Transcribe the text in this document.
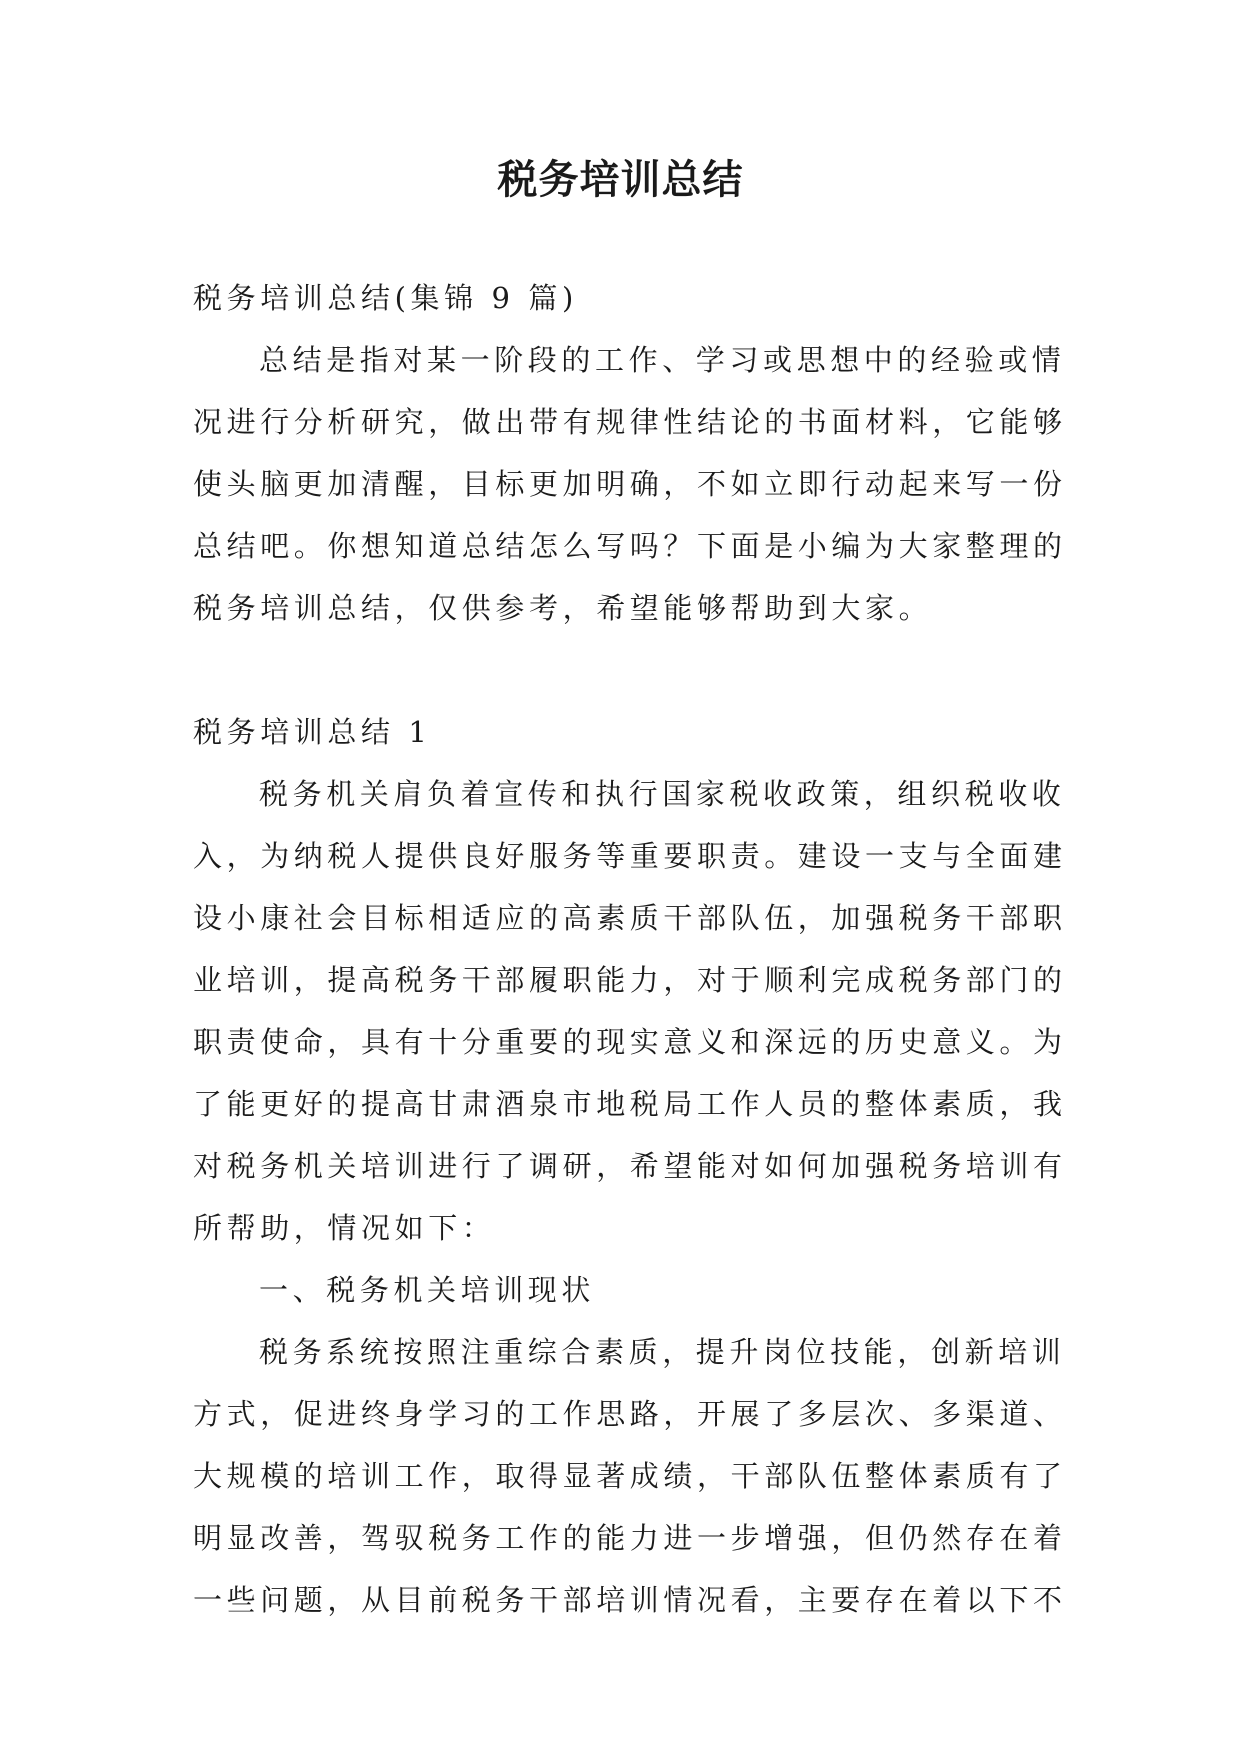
税务培训总结

税务培训总结(集锦 9 篇)

总结是指对某一阶段的工作、学习或思想中的经验或情

况进行分析研究，做出带有规律性结论的书面材料，它能够

使头脑更加清醒，目标更加明确，不如立即行动起来写一份

总结吧。你想知道总结怎么写吗？下面是小编为大家整理的

税务培训总结，仅供参考，希望能够帮助到大家。

税务培训总结 1

税务机关肩负着宣传和执行国家税收政策，组织税收收

入，为纳税人提供良好服务等重要职责。建设一支与全面建

设小康社会目标相适应的高素质干部队伍，加强税务干部职

业培训，提高税务干部履职能力，对于顺利完成税务部门的

职责使命，具有十分重要的现实意义和深远的历史意义。为

了能更好的提高甘肃酒泉市地税局工作人员的整体素质，我

对税务机关培训进行了调研，希望能对如何加强税务培训有

所帮助，情况如下：

一、税务机关培训现状

税务系统按照注重综合素质，提升岗位技能，创新培训

方式，促进终身学习的工作思路，开展了多层次、多渠道、

大规模的培训工作，取得显著成绩，干部队伍整体素质有了

明显改善，驾驭税务工作的能力进一步增强，但仍然存在着

一些问题，从目前税务干部培训情况看，主要存在着以下不
